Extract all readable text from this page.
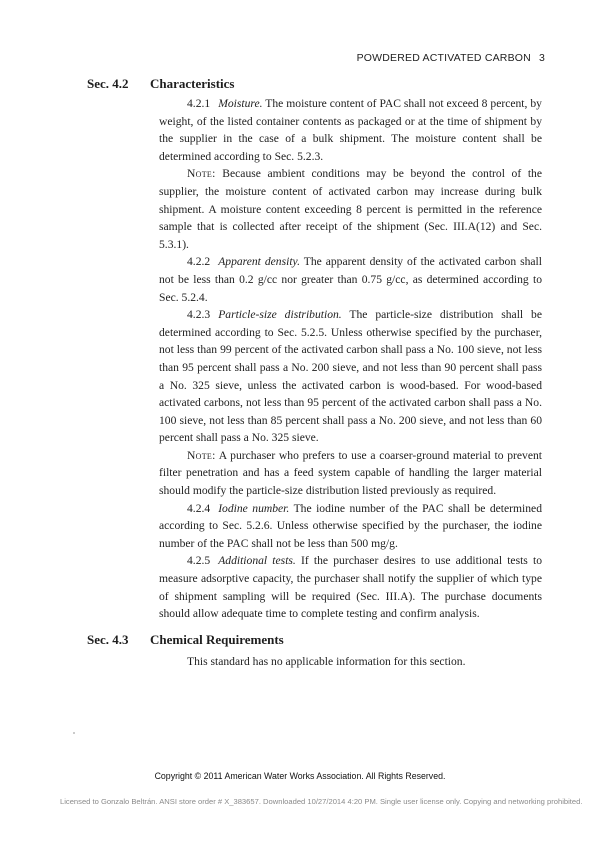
POWDERED ACTIVATED CARBON 3
Sec. 4.2 Characteristics

4.2.1 Moisture. The moisture content of PAC shall not exceed 8 percent, by weight, of the listed container contents as packaged or at the time of shipment by the supplier in the case of a bulk shipment. The moisture content shall be determined according to Sec. 5.2.3.

Note: Because ambient conditions may be beyond the control of the supplier, the moisture content of activated carbon may increase during bulk shipment. A moisture content exceeding 8 percent is permitted in the reference sample that is collected after receipt of the shipment (Sec. III.A(12) and Sec. 5.3.1).

4.2.2 Apparent density. The apparent density of the activated carbon shall not be less than 0.2 g/cc nor greater than 0.75 g/cc, as determined according to Sec. 5.2.4.

4.2.3 Particle-size distribution. The particle-size distribution shall be determined according to Sec. 5.2.5. Unless otherwise specified by the purchaser, not less than 99 percent of the activated carbon shall pass a No. 100 sieve, not less than 95 percent shall pass a No. 200 sieve, and not less than 90 percent shall pass a No. 325 sieve, unless the activated carbon is wood-based. For wood-based activated carbons, not less than 95 percent of the activated carbon shall pass a No. 100 sieve, not less than 85 percent shall pass a No. 200 sieve, and not less than 60 percent shall pass a No. 325 sieve.

Note: A purchaser who prefers to use a coarser-ground material to prevent filter penetration and has a feed system capable of handling the larger material should modify the particle-size distribution listed previously as required.

4.2.4 Iodine number. The iodine number of the PAC shall be determined according to Sec. 5.2.6. Unless otherwise specified by the purchaser, the iodine number of the PAC shall not be less than 500 mg/g.

4.2.5 Additional tests. If the purchaser desires to use additional tests to measure adsorptive capacity, the purchaser shall notify the supplier of which type of shipment sampling will be required (Sec. III.A). The purchase documents should allow adequate time to complete testing and confirm analysis.

Sec. 4.3 Chemical Requirements
This standard has no applicable information for this section.
Copyright © 2011 American Water Works Association. All Rights Reserved.
Licensed to Gonzalo Beltrán. ANSI store order # X_383657. Downloaded 10/27/2014 4:20 PM. Single user license only. Copying and networking prohibited.
